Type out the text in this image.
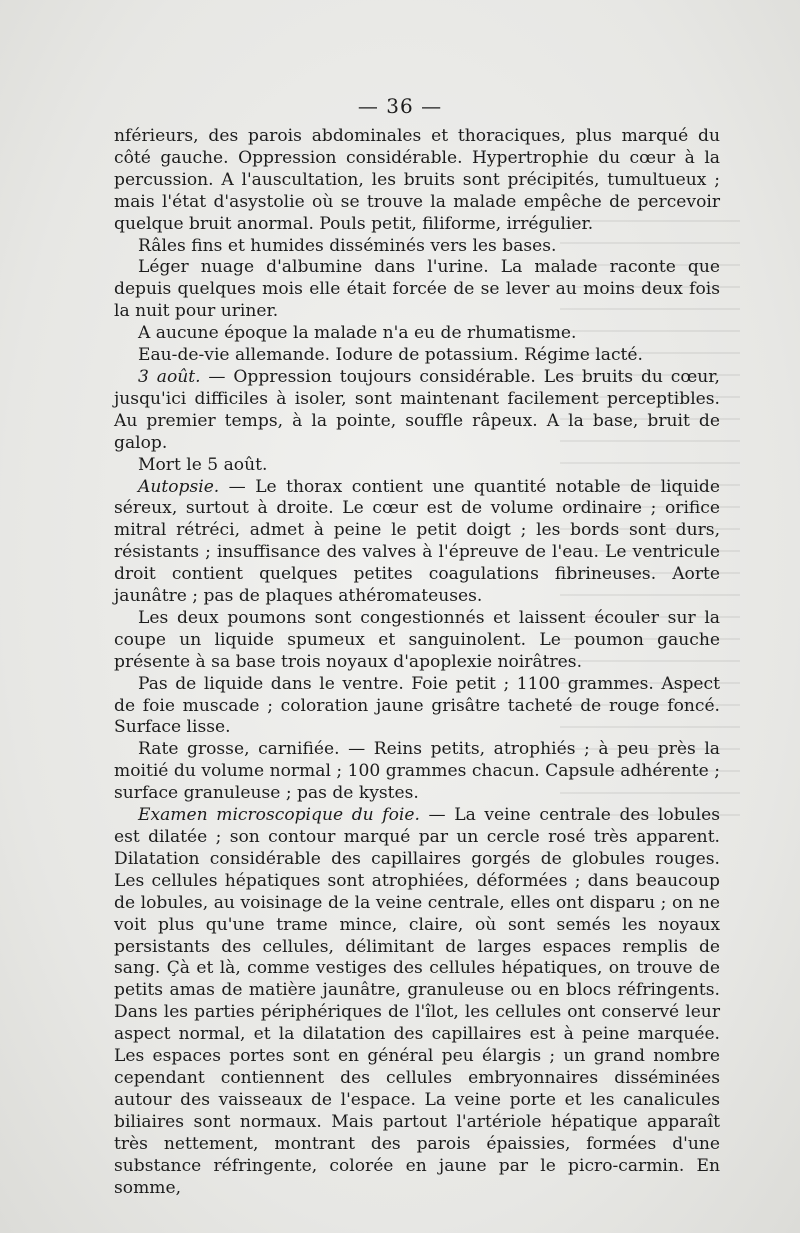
— 36 —

nférieurs, des parois abdominales et thoraciques, plus marqué du côté gauche. Oppression considérable. Hypertrophie du cœur à la percussion. A l'auscultation, les bruits sont précipités, tumultueux ; mais l'état d'asystolie où se trouve la malade empêche de percevoir quelque bruit anormal. Pouls petit, filiforme, irrégulier.

Râles fins et humides disséminés vers les bases.

Léger nuage d'albumine dans l'urine. La malade raconte que depuis quelques mois elle était forcée de se lever au moins deux fois la nuit pour uriner.

A aucune époque la malade n'a eu de rhumatisme.

Eau-de-vie allemande. Iodure de potassium. Régime lacté.

3 août. — Oppression toujours considérable. Les bruits du cœur, jusqu'ici difficiles à isoler, sont maintenant facilement perceptibles. Au premier temps, à la pointe, souffle râpeux. A la base, bruit de galop.

Mort le 5 août.

Autopsie. — Le thorax contient une quantité notable de liquide séreux, surtout à droite. Le cœur est de volume ordinaire ; orifice mitral rétréci, admet à peine le petit doigt ; les bords sont durs, résistants ; insuffisance des valves à l'épreuve de l'eau. Le ventricule droit contient quelques petites coagulations fibrineuses. Aorte jaunâtre ; pas de plaques athéromateuses.

Les deux poumons sont congestionnés et laissent écouler sur la coupe un liquide spumeux et sanguinolent. Le poumon gauche présente à sa base trois noyaux d'apoplexie noirâtres.

Pas de liquide dans le ventre. Foie petit ; 1100 grammes. Aspect de foie muscade ; coloration jaune grisâtre tacheté de rouge foncé. Surface lisse.

Rate grosse, carnifiée. — Reins petits, atrophiés ; à peu près la moitié du volume normal ; 100 grammes chacun. Capsule adhérente ; surface granuleuse ; pas de kystes.

Examen microscopique du foie. — La veine centrale des lobules est dilatée ; son contour marqué par un cercle rosé très apparent. Dilatation considérable des capillaires gorgés de globules rouges. Les cellules hépatiques sont atrophiées, déformées ; dans beaucoup de lobules, au voisinage de la veine centrale, elles ont disparu ; on ne voit plus qu'une trame mince, claire, où sont semés les noyaux persistants des cellules, délimitant de larges espaces remplis de sang. Çà et là, comme vestiges des cellules hépatiques, on trouve de petits amas de matière jaunâtre, granuleuse ou en blocs réfringents. Dans les parties périphériques de l'îlot, les cellules ont conservé leur aspect normal, et la dilatation des capillaires est à peine marquée. Les espaces portes sont en général peu élargis ; un grand nombre cependant contiennent des cellules embryonnaires disséminées autour des vaisseaux de l'espace. La veine porte et les canalicules biliaires sont normaux. Mais partout l'artériole hépatique apparaît très nettement, montrant des parois épaissies, formées d'une substance réfringente, colorée en jaune par le picro-carmin. En somme,
